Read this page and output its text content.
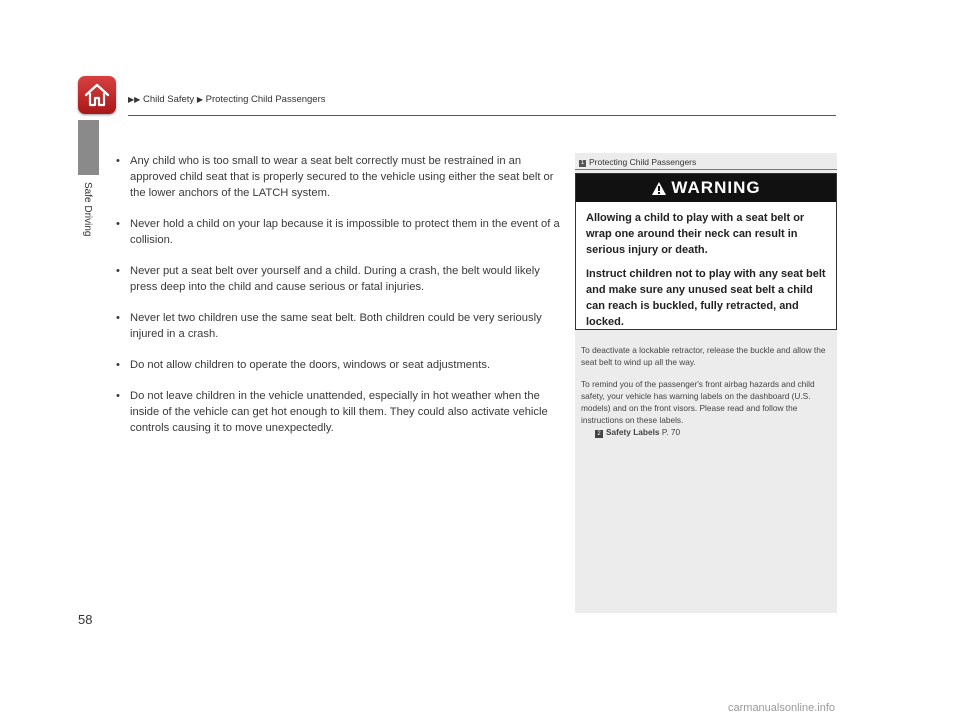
▶▶ Child Safety ▶ Protecting Child Passengers
Safe Driving
• Any child who is too small to wear a seat belt correctly must be restrained in an approved child seat that is properly secured to the vehicle using either the seat belt or the lower anchors of the LATCH system.
• Never hold a child on your lap because it is impossible to protect them in the event of a collision.
• Never put a seat belt over yourself and a child. During a crash, the belt would likely press deep into the child and cause serious or fatal injuries.
• Never let two children use the same seat belt. Both children could be very seriously injured in a crash.
• Do not allow children to operate the doors, windows or seat adjustments.
• Do not leave children in the vehicle unattended, especially in hot weather when the inside of the vehicle can get hot enough to kill them. They could also activate vehicle controls causing it to move unexpectedly.
1 Protecting Child Passengers
WARNING

Allowing a child to play with a seat belt or wrap one around their neck can result in serious injury or death.

Instruct children not to play with any seat belt and make sure any unused seat belt a child can reach is buckled, fully retracted, and locked.

To deactivate a lockable retractor, release the buckle and allow the seat belt to wind up all the way.

To remind you of the passenger's front airbag hazards and child safety, your vehicle has warning labels on the dashboard (U.S. models) and on the front visors. Please read and follow the instructions on these labels.

2 Safety Labels P. 70
58
carmanualsonline.info
